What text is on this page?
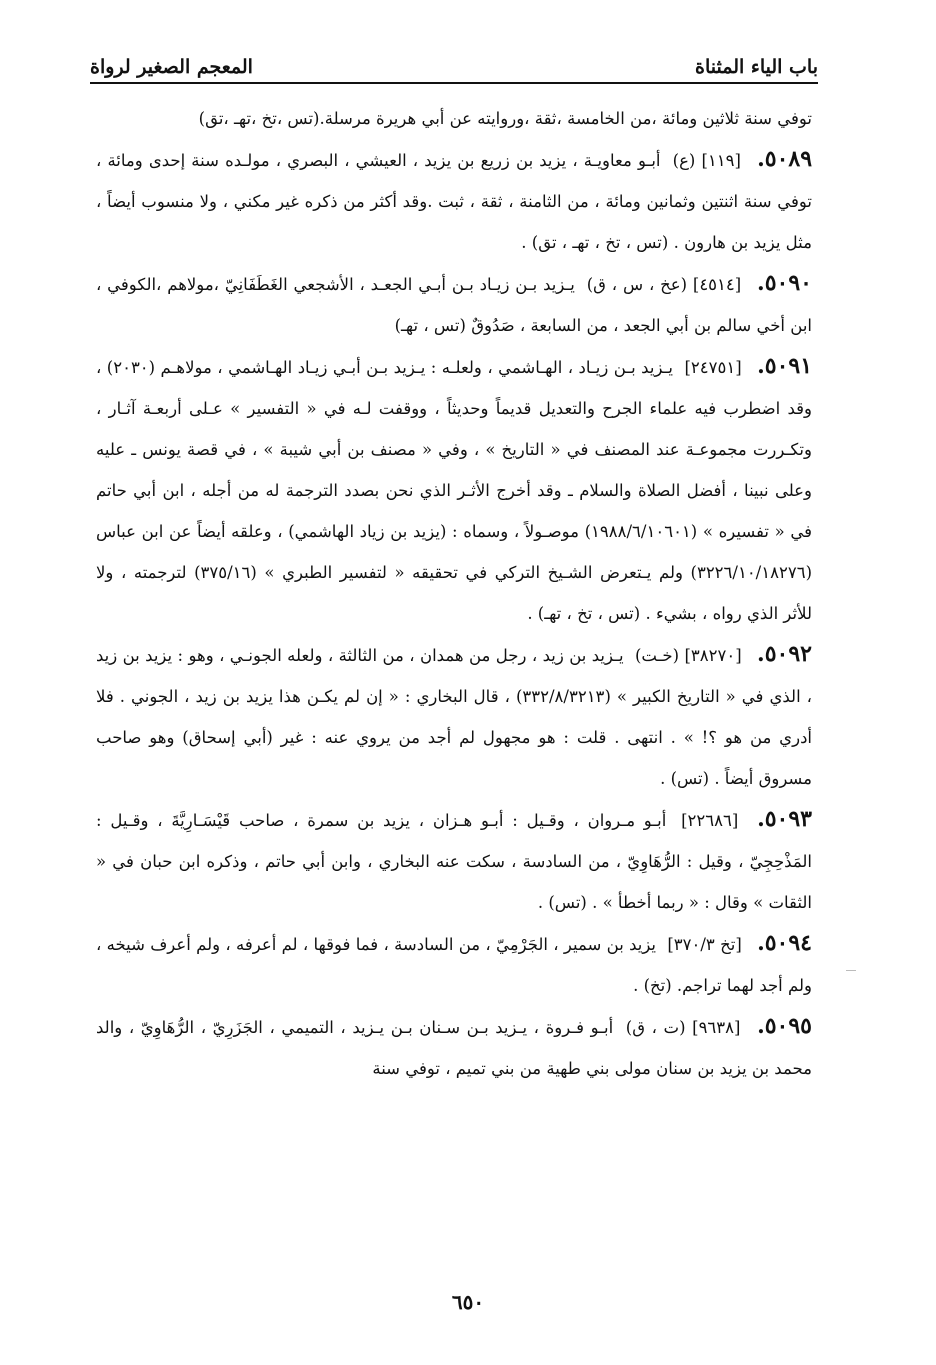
باب الياء المثناة
المعجم الصغير لرواة

توفي سنة ثلاثين ومائة ،من الخامسة ،ثقة ،وروايته عن أبي هريرة مرسلة.(تس ،تخ ،تهـ ،تق)

٥٠٨٩. [١١٩] (ع) أبـو معاويـة ، يزيد بن زريع بن يزيد ، العيشي ، البصري ، مولـده سنة إحدى ومائة ، توفي سنة اثنتين وثمانين ومائة ، من الثامنة ، ثقة ، ثبت .وقد أكثر من ذكره غير مكني ، ولا منسوب أيضاً ، مثل يزيد بن هارون . (تس ، تخ ، تهـ ، تق) .

٥٠٩٠. [٤٥١٤] (عخ ، س ، ق) يـزيد بـن زيـاد بـن أبـي الجعـد ، الأشجعي الغَطَفَانِيّ ،مولاهم ،الكوفي ، ابن أخي سالم بن أبي الجعد ، من السابعة ، صَدُوقٌ (تس ، تهـ)

٥٠٩١. [٢٤٧٥١] يـزيد بـن زيـاد ، الهـاشمي ، ولعلـه : يـزيد بـن أبـي زيـاد الهـاشمي ، مولاهـم (٢٠٣٠) ، وقد اضطرب فيه علماء الجرح والتعديل قديماً وحديثاً ، ووقفت لـه في « التفسير » عـلى أربعـة آثـار ، وتكـررت مجموعـة عند المصنف في « التاريخ » ، وفي « مصنف بن أبي شيبة » ، في قصة يونس ـ عليه وعلى نبينا ، أفضل الصلاة والسلام ـ وقد أخرج الأثـر الذي نحن بصدد الترجمة له من أجله ، ابن أبي حاتم في « تفسيره » (١٩٨٨/٦/١٠٦٠١) موصـولاً ، وسماه : (يزيد بن زياد الهاشمي) ، وعلقه أيضاً عن ابن عباس (٣٢٢٦/١٠/١٨٢٧٦) ولم يـتعرض الشـيخ التركي في تحقيقه « لتفسير الطبري » (٣٧٥/١٦) لترجمته ، ولا للأثر الذي رواه ، بشيء . (تس ، تخ ، تهـ) .

٥٠٩٢. [٣٨٢٧٠] (خـت) يـزيد بن زيد ، رجل من همدان ، من الثالثة ، ولعله الجونـي ، وهو : يزيد بن زيد ، الذي في « التاريخ الكبير » (٣٣٢/٨/٣٢١٣) ، قال البخاري : « إن لم يكـن هذا يزيد بن زيد ، الجوني . فلا أدري من هو ؟! » . انتهى . قلت : هو مجهول لم أجد من يروي عنه : غير (أبي إسحاق) وهو صاحب مسروق أيضاً . (تس) .

٥٠٩٣. [٢٢٦٨٦] أبـو مـروان ، وقـيل : أبـو هـزان ، يزيد بن سمرة ، صاحب قَيْسَـارِيَّةَ ، وقـيل : المَذْحِجِيّ ، وقيل : الرُّهَاوِيّ ، من السادسة ، سكت عنه البخاري ، وابن أبي حاتم ، وذكره ابن حبان في « الثقات » وقال : « ربما أخطأ » . (تس) .

٥٠٩٤. [تخ ٣٧٠/٣] يزيد بن سمير ، الجَرْمِيّ ، من السادسة ، فما فوقها ، لم أعرفه ، ولم أعرف شيخه ، ولم أجد لهما تراجم. (تخ) .

٥٠٩٥. [٩٦٣٨] (ت ، ق) أبـو فـروة ، يـزيد بـن سـنان بـن يـزيد ، التميمي ، الجَزَرِيّ ، الرُّهَاوِيّ ، والد محمد بن يزيد بن سنان مولى بني طهية من بني تميم ، توفي سنة

٦٥٠
